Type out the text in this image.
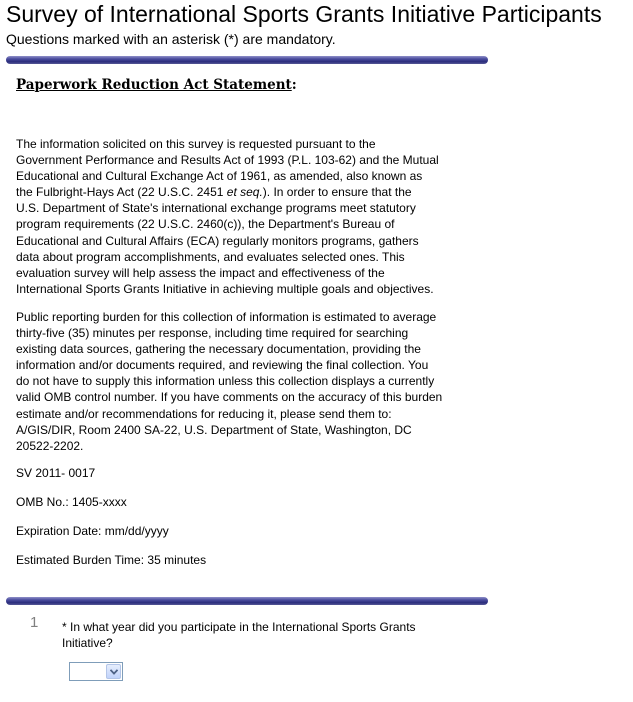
Survey of International Sports Grants Initiative Participants
Questions marked with an asterisk (*) are mandatory.
Paperwork Reduction Act Statement:
The information solicited on this survey is requested pursuant to the
Government Performance and Results Act of 1993 (P.L. 103-62) and the Mutual
Educational and Cultural Exchange Act of 1961, as amended, also known as
the Fulbright-Hays Act (22 U.S.C. 2451 et seq.). In order to ensure that the
U.S. Department of State's international exchange programs meet statutory
program requirements (22 U.S.C. 2460(c)), the Department's Bureau of
Educational and Cultural Affairs (ECA) regularly monitors programs, gathers
data about program accomplishments, and evaluates selected ones. This
evaluation survey will help assess the impact and effectiveness of the
International Sports Grants Initiative in achieving multiple goals and objectives.
Public reporting burden for this collection of information is estimated to average
thirty-five (35) minutes per response, including time required for searching
existing data sources, gathering the necessary documentation, providing the
information and/or documents required, and reviewing the final collection. You
do not have to supply this information unless this collection displays a currently
valid OMB control number. If you have comments on the accuracy of this burden
estimate and/or recommendations for reducing it, please send them to:
A/GIS/DIR, Room 2400 SA-22, U.S. Department of State, Washington, DC
20522-2202.
SV 2011- 0017
OMB No.: 1405-xxxx
Expiration Date: mm/dd/yyyy
Estimated Burden Time: 35 minutes
1 * In what year did you participate in the International Sports Grants
Initiative?
